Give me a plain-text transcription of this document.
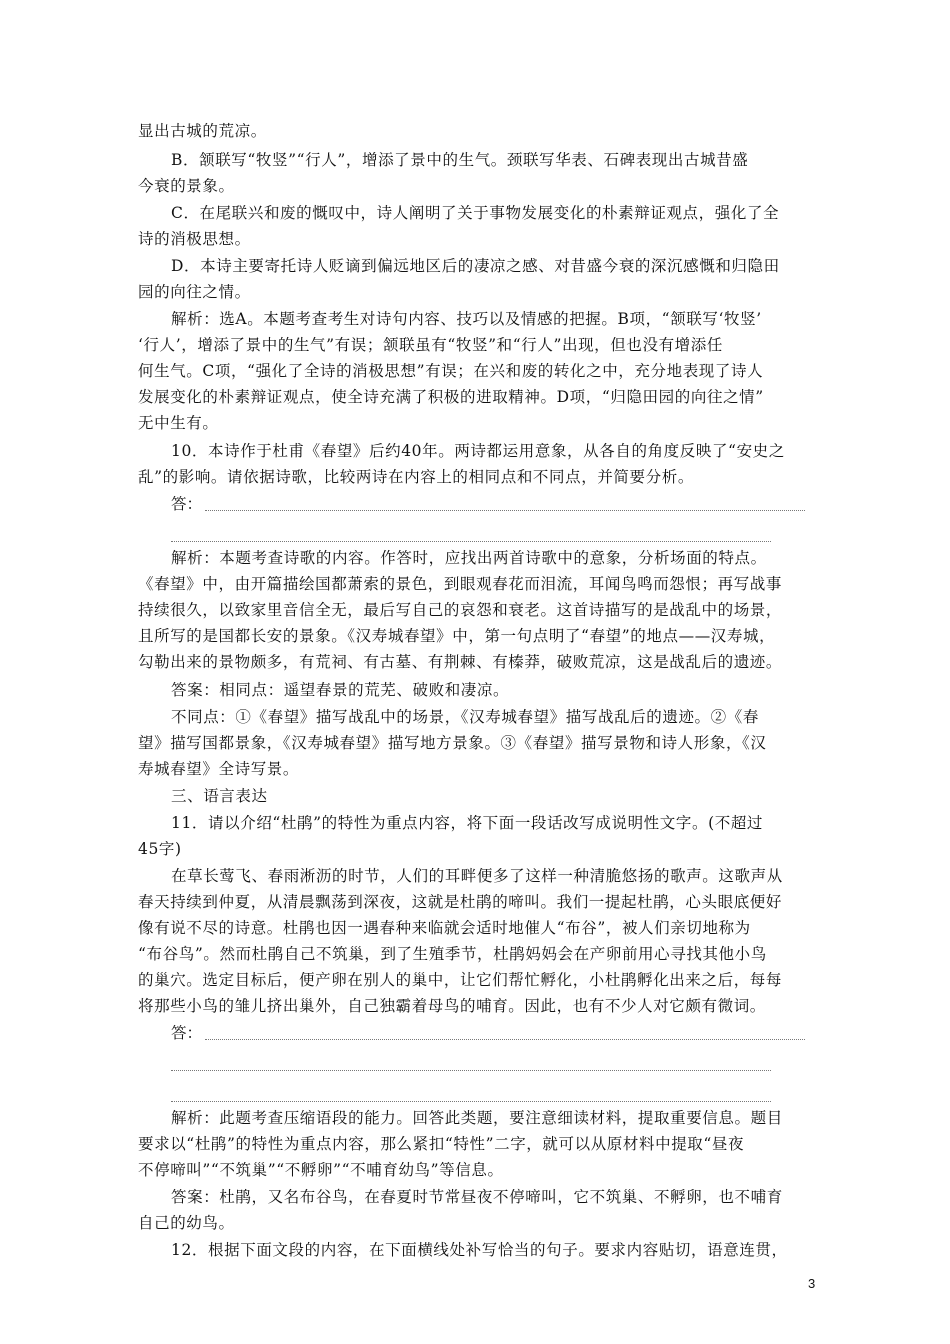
显出古城的荒凉。
B．颔联写“牧竖”“行人”，增添了景中的生气。颈联写华表、石碑表现出古城昔盛
今衰的景象。
C．在尾联兴和废的慨叹中，诗人阐明了关于事物发展变化的朴素辩证观点，强化了全
诗的消极思想。
D．本诗主要寄托诗人贬谪到偏远地区后的凄凉之感、对昔盛今衰的深沉感慨和归隐田
园的向往之情。
解析：选A。本题考查考生对诗句内容、技巧以及情感的把握。B项，“颔联写‘牧竖’
‘行人’，增添了景中的生气”有误；颔联虽有“牧竖”和“行人”出现，但也没有增添任
何生气。C项，“强化了全诗的消极思想”有误；在兴和废的转化之中，充分地表现了诗人
发展变化的朴素辩证观点，使全诗充满了积极的进取精神。D项，“归隐田园的向往之情”
无中生有。
10．本诗作于杜甫《春望》后约40年。两诗都运用意象，从各自的角度反映了“安史之
乱”的影响。请依据诗歌，比较两诗在内容上的相同点和不同点，并简要分析。
答：
解析：本题考查诗歌的内容。作答时，应找出两首诗歌中的意象，分析场面的特点。
《春望》中，由开篇描绘国都萧索的景色，到眼观春花而泪流，耳闻鸟鸣而怨恨；再写战事
持续很久，以致家里音信全无，最后写自己的哀怨和衰老。这首诗描写的是战乱中的场景，
且所写的是国都长安的景象。《汉寿城春望》中，第一句点明了“春望”的地点——汉寿城，
勾勒出来的景物颇多，有荒祠、有古墓、有荆棘、有榛莽，破败荒凉，这是战乱后的遗迹。
答案：相同点：遥望春景的荒芜、破败和凄凉。
不同点：①《春望》描写战乱中的场景，《汉寿城春望》描写战乱后的遗迹。②《春
望》描写国都景象，《汉寿城春望》描写地方景象。③《春望》描写景物和诗人形象，《汉
寿城春望》全诗写景。
三、语言表达
11．请以介绍“杜鹃”的特性为重点内容，将下面一段话改写成说明性文字。(不超过
45字)
在草长莺飞、春雨淅沥的时节，人们的耳畔便多了这样一种清脆悠扬的歌声。这歌声从
春天持续到仲夏，从清晨飘荡到深夜，这就是杜鹃的啼叫。我们一提起杜鹃，心头眼底便好
像有说不尽的诗意。杜鹃也因一遇春种来临就会适时地催人“布谷”，被人们亲切地称为
“布谷鸟”。然而杜鹃自己不筑巢，到了生殖季节，杜鹃妈妈会在产卵前用心寻找其他小鸟
的巢穴。选定目标后，便产卵在别人的巢中，让它们帮忙孵化，小杜鹃孵化出来之后，每每
将那些小鸟的雏儿挤出巢外，自己独霸着母鸟的哺育。因此，也有不少人对它颇有微词。
答：
解析：此题考查压缩语段的能力。回答此类题，要注意细读材料，提取重要信息。题目
要求以“杜鹃”的特性为重点内容，那么紧扣“特性”二字，就可以从原材料中提取“昼夜
不停啼叫”“不筑巢”“不孵卵”“不哺育幼鸟”等信息。
答案：杜鹃，又名布谷鸟，在春夏时节常昼夜不停啼叫，它不筑巢、不孵卵，也不哺育
自己的幼鸟。
12．根据下面文段的内容，在下面横线处补写恰当的句子。要求内容贴切，语意连贯，
3
